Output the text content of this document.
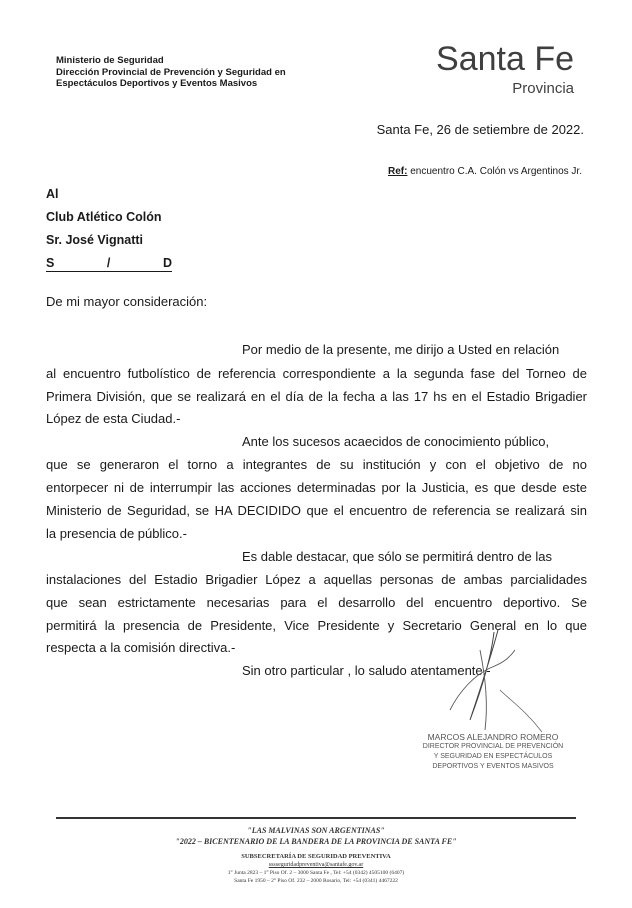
Ministerio de Seguridad
Dirección Provincial de Prevención y Seguridad en
Espectáculos Deportivos y Eventos Masivos
Santa Fe
Provincia
Santa Fe, 26 de setiembre de 2022.
Ref: encuentro C.A. Colón vs Argentinos Jr.
Al
Club Atlético Colón
Sr. José Vignatti
S	/	D
De mi mayor consideración:
Por medio de la presente, me dirijo a Usted en relación
al encuentro futbolístico de referencia correspondiente a la segunda fase del Torneo de
Primera División, que se realizará en el día de la fecha a las 17 hs en el Estadio Brigadier
López de esta Ciudad.-
Ante los sucesos acaecidos de conocimiento público,
que se generaron el torno a integrantes de su institución y con el objetivo de no
entorpecer ni de interrumpir las acciones determinadas por la Justicia, es que desde este
Ministerio de Seguridad, se HA DECIDIDO que el encuentro de referencia se realizará sin
la presencia de público.-
Es dable destacar, que sólo se permitirá dentro de las
instalaciones del Estadio Brigadier López a aquellas personas de ambas parcialidades
que sean estrictamente necesarias para el desarrollo del encuentro deportivo. Se
permitirá la presencia de Presidente, Vice Presidente y Secretario General en lo que
respecta a la comisión directiva.-
Sin otro particular , lo saludo atentamente.-
MARCOS ALEJANDRO ROMERO
DIRECTOR PROVINCIAL DE PREVENCIÓN
Y SEGURIDAD EN ESPECTÁCULOS
DEPORTIVOS Y EVENTOS MASIVOS
"LAS MALVINAS SON ARGENTINAS"
"2022 – BICENTENARIO DE LA BANDERA DE LA PROVINCIA DE SANTA FE"
SUBSECRETARÍA DE SEGURIDAD PREVENTIVA
sssseguridadpreventiva@santafe.gov.ar
1° Junta 2823 – 1° Piso Of. 2 – 3000 Santa Fe , Tel: +54 (0342) 4505100 (6407)
Santa Fe 1950 – 2° Piso Of. 232 – 2000 Rosario, Tel: +54 (0341) 4467222
